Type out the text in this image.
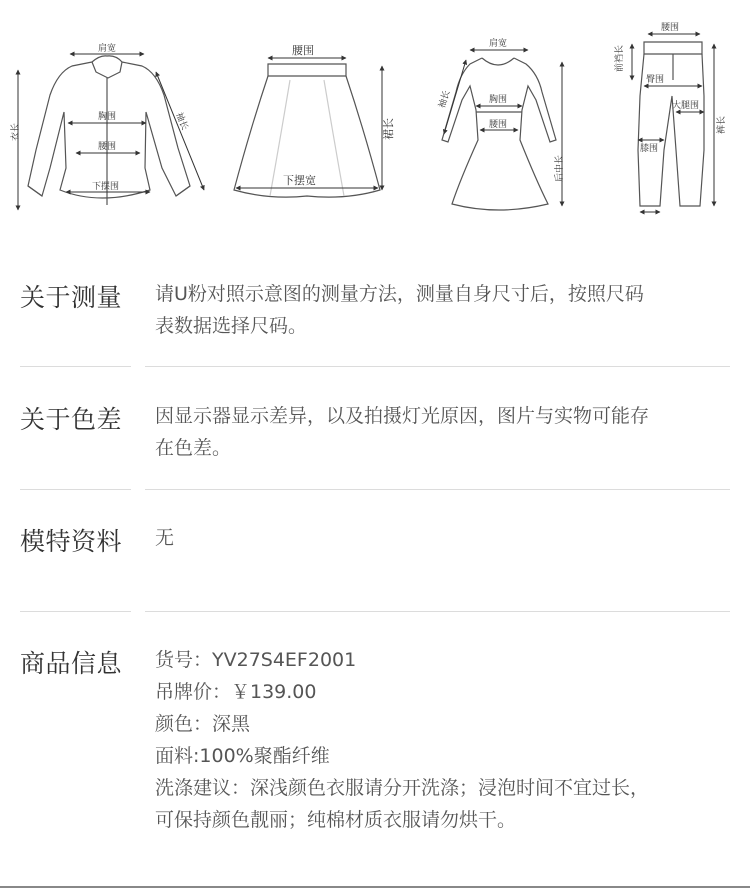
肩宽
衣长
袖长
胸围
腰围
下摆围
腰围
裙长
下摆宽
肩宽
袖长	胸围
腰围
后中长
腰围
前裆长
臀围
大腿围
膝围
裤长
关于测量 请U粉对照示意图的测量方法，测量自身尺寸后，按照尺码

表数据选择尺码。

关于色差 因显示器显示差异，以及拍摄灯光原因，图片与实物可能存

在色差。

模特资料 无

商品信息 货号：YV27S4EF2001

吊牌价：￥139.00

颜色：深黑

面料:100%聚酯纤维

洗涤建议：深浅颜色衣服请分开洗涤；浸泡时间不宜过长，

可保持颜色靓丽；纯棉材质衣服请勿烘干。
